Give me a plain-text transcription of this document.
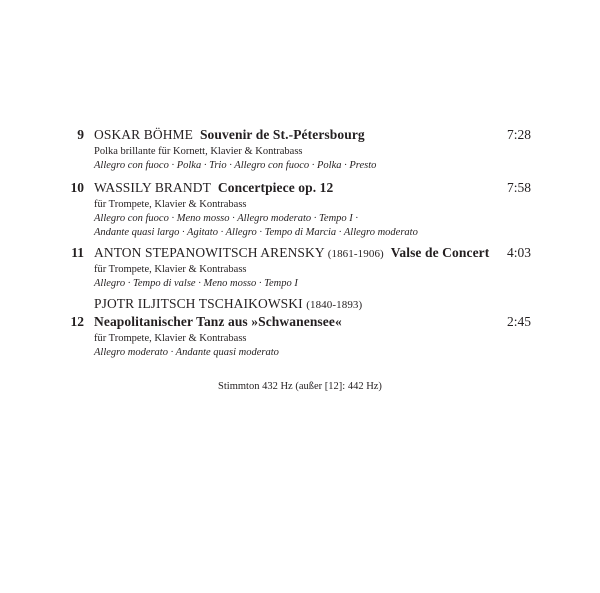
9 OSKAR BÖHME Souvenir de St.-Pétersbourg	7:28
Polka brillante für Kornett, Klavier & Kontrabass
Allegro con fuoco · Polka · Trio · Allegro con fuoco · Polka · Presto
10 WASSILY BRANDT Concertpiece op. 12	7:58
für Trompete, Klavier & Kontrabass
Allegro con fuoco · Meno mosso · Allegro moderato · Tempo I ·
Andante quasi largo · Agitato · Allegro · Tempo di Marcia · Allegro moderato
11 ANTON STEPANOWITSCH ARENSKY (1861-1906) Valse de Concert 4:03
für Trompete, Klavier & Kontrabass
Allegro · Tempo di valse · Meno mosso · Tempo I
PJOTR ILJITSCH TSCHAIKOWSKI (1840-1893)
12 Neapolitanischer Tanz aus »Schwanensee«	2:45
für Trompete, Klavier & Kontrabass
Allegro moderato · Andante quasi moderato
Stimmton 432 Hz (außer [12]: 442 Hz)
